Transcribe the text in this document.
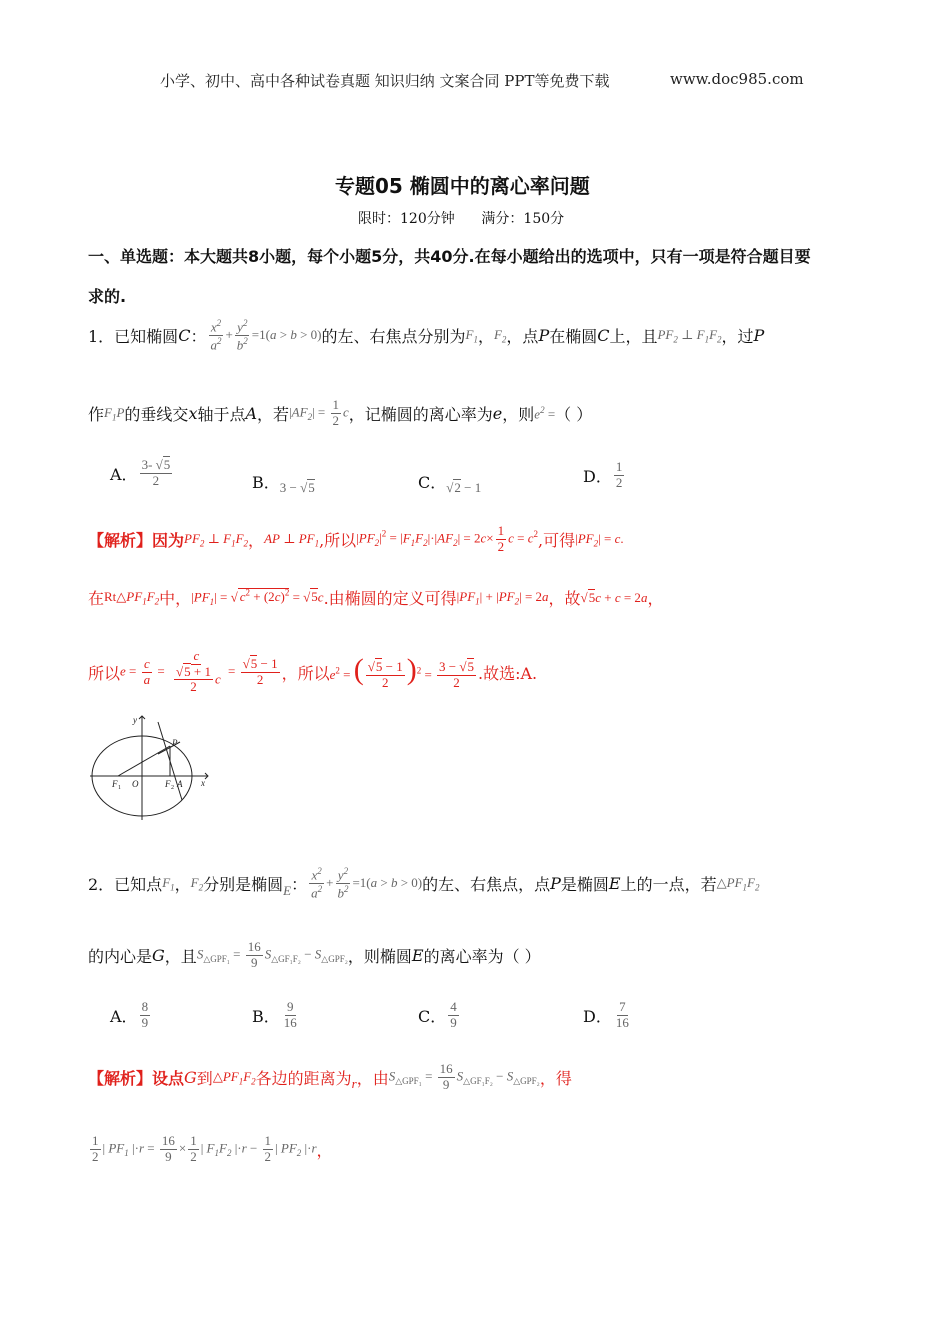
小学、初中、高中各种试卷真题 知识归纳 文案合同 PPT等免费下载	www.doc985.com
专题05 椭圆中的离心率问题
限时：120分钟      满分：150分
一、单选题：本大题共8小题，每个小题5分，共40分.在每小题给出的选项中，只有一项是符合题目要
求的.
1．已知椭圆 C ： $\frac{x^2}{a^2} + \frac{y^2}{b^2} =1(a > b > 0)$ 的左、右焦点分别为 $F_1$ ， $F_2$ ，点 P 在椭圆 C 上，且 $PF_2$ ⊥ $F_1F_2$ ，过 P
作 $F_1P$ 的垂线交 x 轴于点 A ，若 $|AF_2| = \frac{1}{2}$ c ，记椭圆的离心率为 e ，则 $e^2$ = （ ）
A． $\frac{3- √5}{2}$	B． 3 − √5	C． √2 − 1
D． $\frac{1}{2}$
【解析】因为 $PF_2$ ⊥ $F_1F_2$ ， AP ⊥ $PF_1$ ,所以 $|PF_2|^2 = |F_1F_2|\cdot|AF_2| = 2c\times \frac{1}{2}$ $c = c^2$ ,可得 $|PF_2| = c$.
在 $Rt\triangle PF_1F_2$ 中， $|PF_1|$ = √ $c^2 + (2c)^2 = √5c$ .由椭圆的定义可得 $|PF_1| + |PF_2| = 2a$ ，故 √5c + c = 2a ，
所以 $e = \frac{c}{a} = \frac{c}{\frac{√5 + 1}{2} c} = \frac{√5 - 1}{2}$ ，所以 $e^2$ = ( $\frac{√5 - 1}{2} )^2 = \frac{3 - √5}{2}$ .故选:A.
y
P
F 1 O	F 2 A x
2．已知点 $F_1$ ， $F_2$ 分别是椭圆 E ： $\frac{x^2}{a^2} + \frac{y^2}{b^2} =1(a > b > 0)$ 的左、右焦点，点 P 是椭圆 E 上的一点，若 $\triangle PF_1F_2$
的内心是 G ，且 $S_{\triangle GPF_1} = \frac{16}{9} S_{\triangle GF_1F_2} - S_{\triangle GPF_2}$ ，则椭圆 E 的离心率为（ ）
A． $\frac{8}{9}$	B． $\frac{9}{16}$	C． $\frac{4}{9}$	D． $\frac{7}{16}$
【解析】设点 G 到 $\triangle PF_1F_2$ 各边的距离为 r ，由 $S_{\triangle GPF_1} = \frac{16}{9} S_{\triangle GF_1F_2} - S_{\triangle GPF_2}$ ，得
$\frac{1}{2}$ | $PF_1$ $|\cdot r = \frac{16}{9} \times \frac{1}{2}$ | $F_1F_2$ $|\cdot r - \frac{1}{2}$ | $PF_2$ |·r ，
